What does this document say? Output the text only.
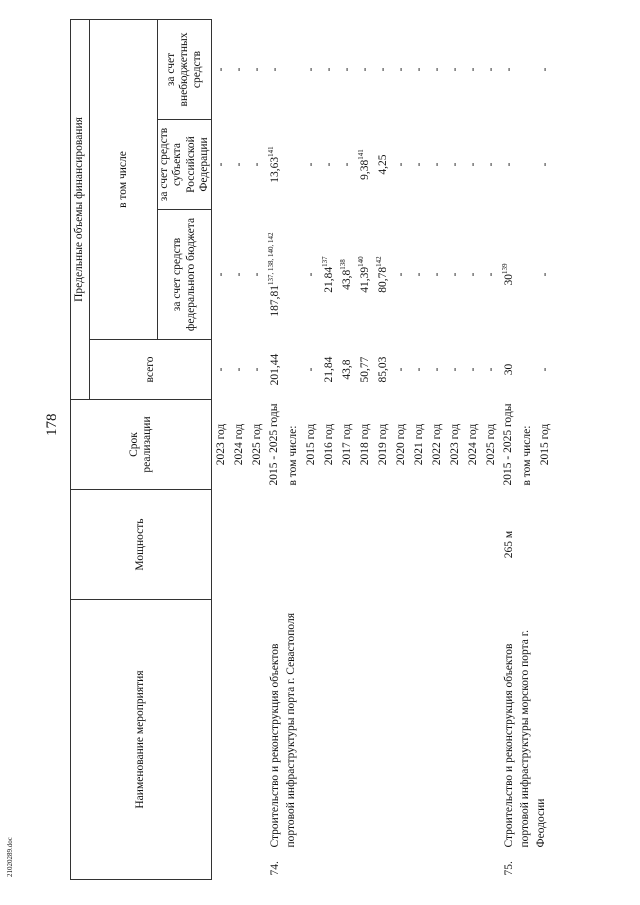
178
21020289.doc
Наименование мероприятия	Мощность	Срок реализации	Предельные объемы финансирования			
			всего	в том числе		
				за счет средств федерального бюджета	за счет средств субъекта Российской Федерации	за счет внебюджетных средств
		2023 год	-	-	-	-
		2024 год	-	-	-	-
		2025 год	-	-	-	-
74.
Строительство и реконструкция объектов портовой инфраструктуры порта г. Севастополя		2015 - 2025 годы	201,44	187,81$^{137, 138, 140, 142}$	13,63$^{141}$	-
		в том числе:				
		2015 год	-	-	-	-
		2016 год	21,84	21,84$^{137}$	-	-
		2017 год	43,8	43,8$^{138}$	-	-
		2018 год	50,77	41,39$^{140}$	9,38$^{141}$	-
		2019 год	85,03	80,78$^{142}$	4,25	-
		2020 год	-	-	-	-
		2021 год	-	-	-	-
		2022 год	-	-	-	-
		2023 год	-	-	-	-
		2024 год	-	-	-	-
		2025 год	-	-	-	-
75.
Строительство и реконструкция объектов портовой инфраструктуры морского порта г. Феодосии	265 м	2015 - 2025 годы	30	$30^{139}$	-	-
		в том числе:				
		2015 год	-	-	-	-
